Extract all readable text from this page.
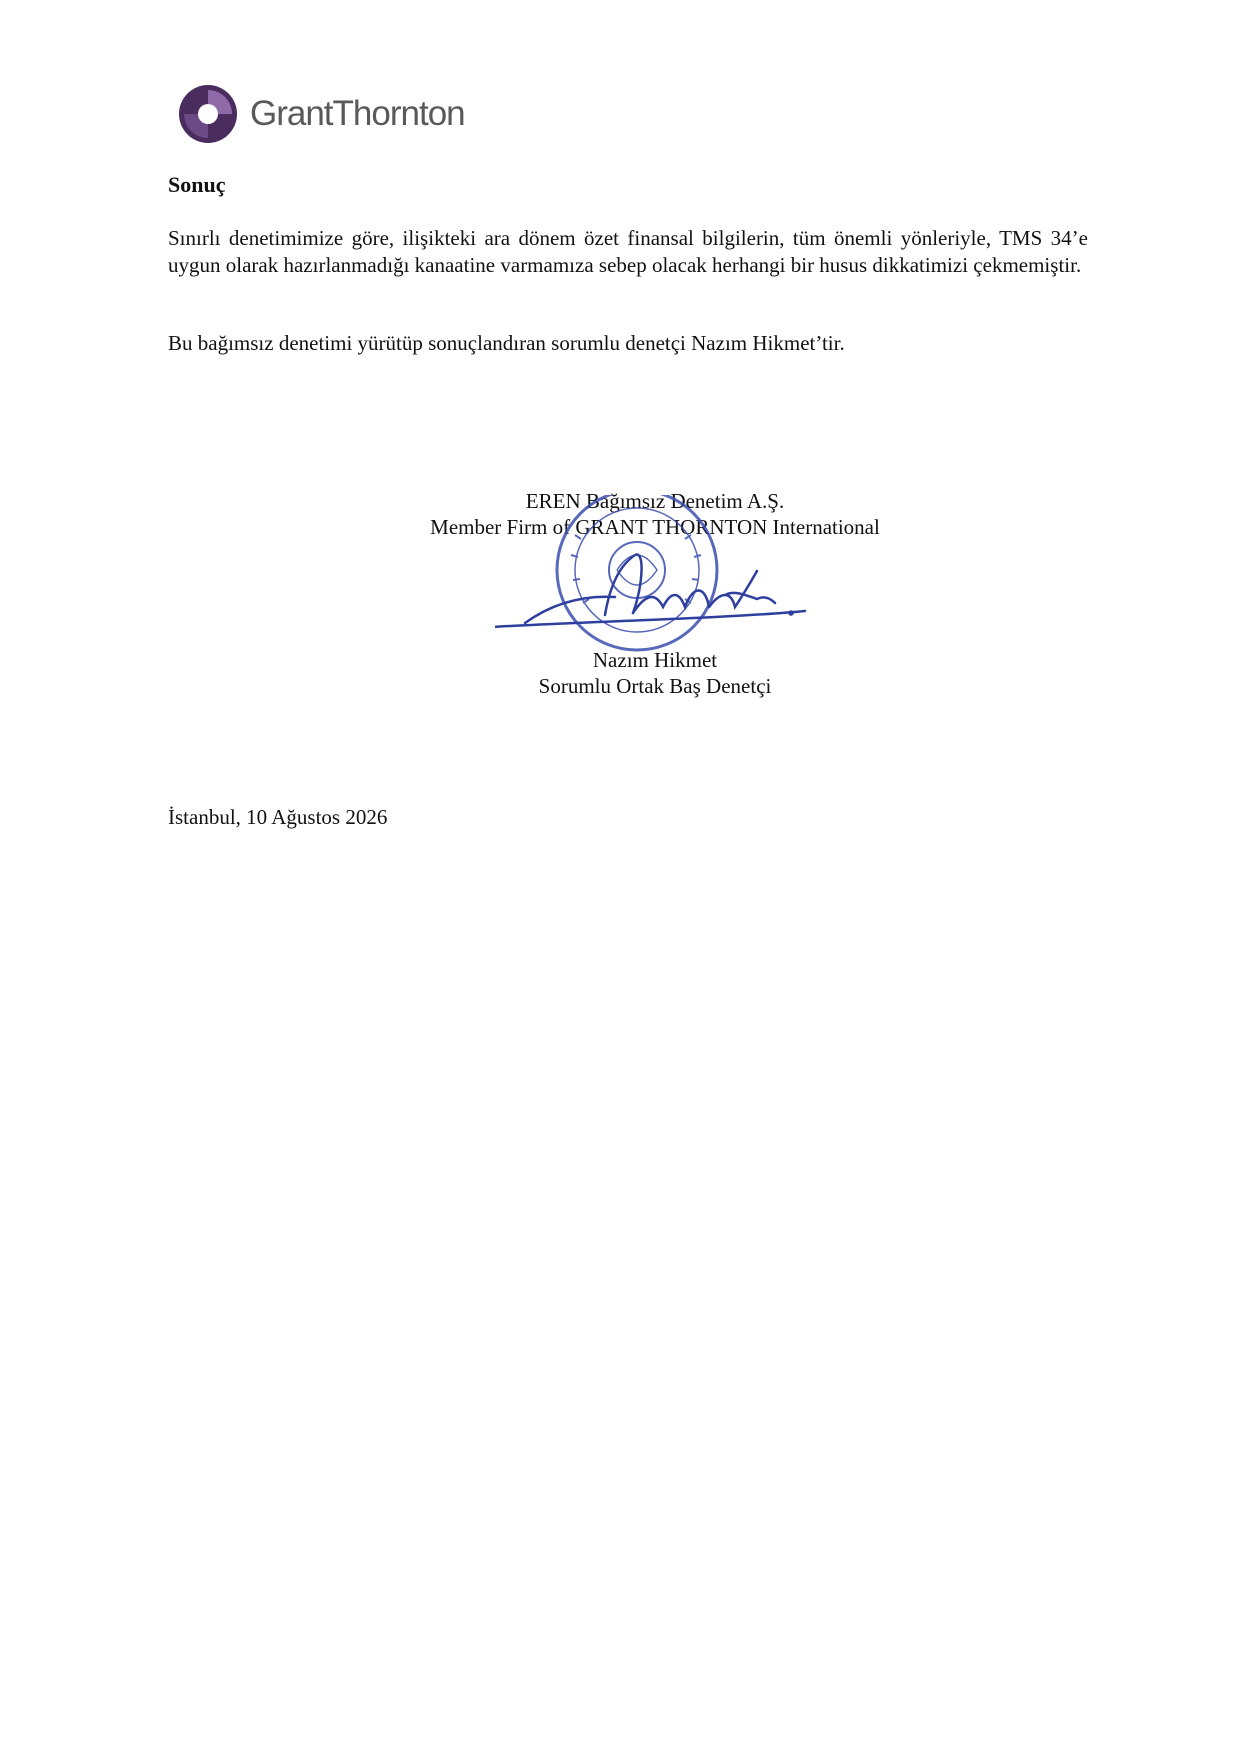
GrantThornton
Sonuç

Sınırlı denetimimize göre, ilişikteki ara dönem özet finansal bilgilerin, tüm önemli yönleriyle, TMS 34’e uygun olarak hazırlanmadığı kanaatine varmamıza sebep olacak herhangi bir husus dikkatimizi çekmemiştir.

Bu bağımsız denetimi yürütüp sonuçlandıran sorumlu denetçi Nazım Hikmet’tir.

EREN Bağımsız Denetim A.Ş.
Member Firm of GRANT THORNTON International
Nazım Hikmet
Sorumlu Ortak Baş Denetçi

İstanbul, 10 Ağustos 2026
